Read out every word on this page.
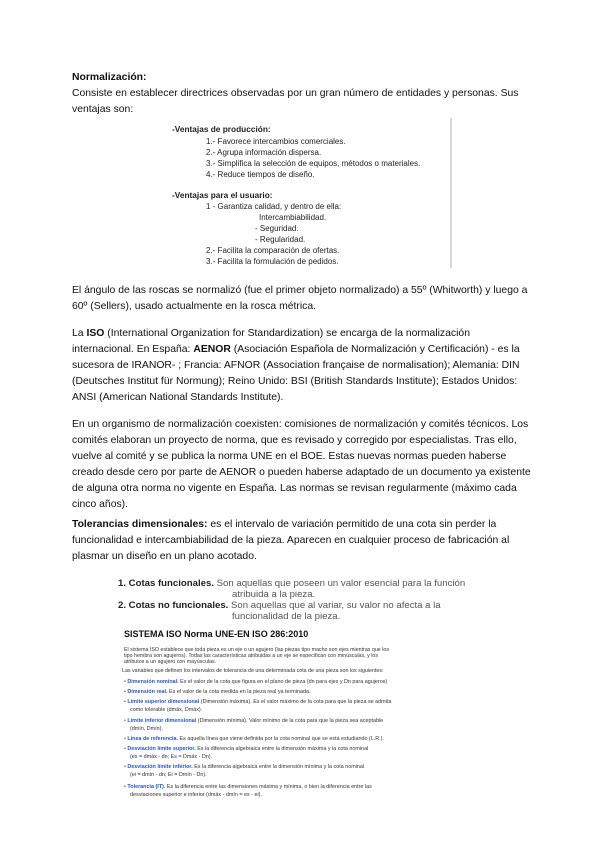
Normalización:

Consiste en establecer directrices observadas por un gran número de entidades y personas. Sus ventajas son:

-Ventajas de producción:
1.- Favorece intercambios comerciales.
2.- Agrupa información dispersa.
3.- Simplifica la selección de equipos, métodos o materiales.
4.- Reduce tiempos de diseño.
-Ventajas para el usuario:
1 - Garantiza calidad, y dentro de ella:
Intercambiabilidad.
- Seguridad.
- Regularidad.
2.- Facilita la comparación de ofertas.
3.- Facilita la formulación de pedidos.

El ángulo de las roscas se normalizó (fue el primer objeto normalizado) a 55º (Whitworth) y luego a 60º (Sellers), usado actualmente en la rosca métrica.

La ISO (International Organization for Standardization) se encarga de la normalización internacional. En España: AENOR (Asociación Española de Normalización y Certificación) - es la sucesora de IRANOR- ; Francia: AFNOR (Association française de normalisation); Alemania: DIN (Deutsches Institut für Normung); Reino Unido: BSI (British Standards Institute); Estados Unidos: ANSI (American National Standards Institute).

En un organismo de normalización coexisten: comisiones de normalización y comités técnicos. Los comités elaboran un proyecto de norma, que es revisado y corregido por especialistas. Tras ello, vuelve al comité y se publica la norma UNE en el BOE. Estas nuevas normas pueden haberse creado desde cero por parte de AENOR o pueden haberse adaptado de un documento ya existente de alguna otra norma no vigente en España. Las normas se revisan regularmente (máximo cada cinco años).

Tolerancias dimensionales: es el intervalo de variación permitido de una cota sin perder la funcionalidad e intercambiabilidad de la pieza. Aparecen en cualquier proceso de fabricación al plasmar un diseño en un plano acotado.

1. Cotas funcionales. Son aquellas que poseen un valor esencial para la función
atribuida a la pieza.
2. Cotas no funcionales. Son aquellas que al variar, su valor no afecta a la
funcionalidad de la pieza.
SISTEMA ISO Norma UNE-EN ISO 286:2010
El sistema ISO establece que toda pieza es un eje o un agujero (las piezas tipo macho son ejes mientras que los
tipo hembra son agujeros). Todas las características atribuidas a un eje se especifican con minúsculas, y los
atributos a un agujero con mayúsculas.
Las variables que definen los intervalos de tolerancia de una determinada cota de una pieza son los siguientes:
• Dimensión nominal. Es el valor de la cota que figura en el plano de pieza (dn para ejes y Dn para agujeros)
• Dimensión real. Es el valor de la cota medida en la pieza real ya terminada.
• Límite superior dimensional (Dimensión máxima). Es el valor máximo de la cota para que la pieza se admita
como tolerable (dmáx, Dmáx).
• Límite inferior dimensional (Dimensión mínima). Valor mínimo de la cota para que la pieza sea aceptable
(dmín, Dmín).
• Línea de referencia. Es aquella línea que viene definida por la cota nominal que se está estudiando (L.R.).
• Desviación límite superior. Es la diferencia algebraica entre la dimensión máxima y la cota nominal
(es = dmáx - dn; Es = Dmáx - Dn).
• Desviación límite inferior. Es la diferencia algebraica entre la dimensión mínima y la cota nominal
(ei = dmín - dn; Ei = Dmín - Dn).
• Tolerancia (IT). Es la diferencia entre las dimensiones máxima y mínima, o bien la diferencia entre las
desviaciones superior e inferior (dmáx - dmín = es - ei).
